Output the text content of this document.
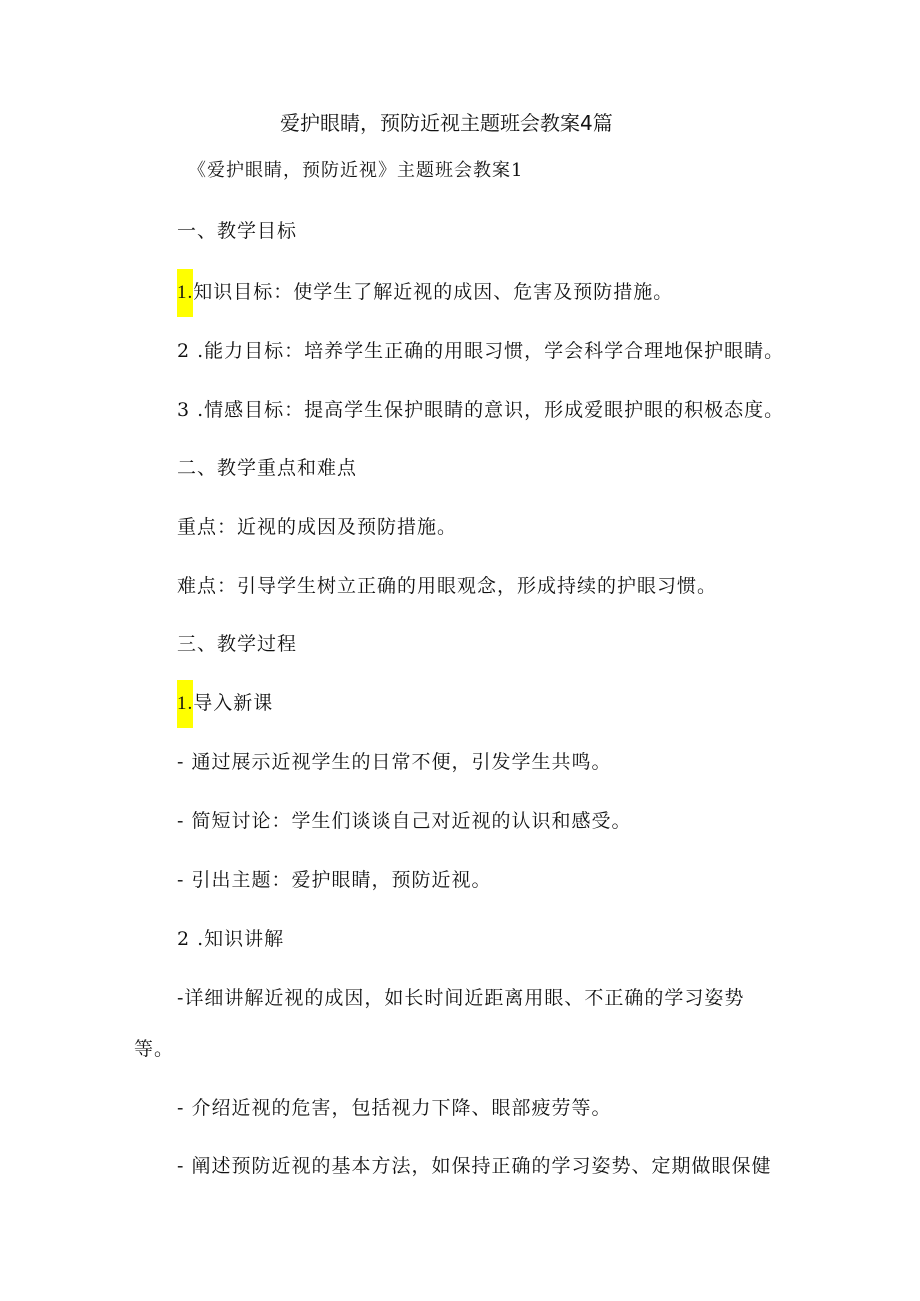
爱护眼睛，预防近视主题班会教案4篇
《爱护眼睛，预防近视》主题班会教案1
一、教学目标
1.知识目标：使学生了解近视的成因、危害及预防措施。
2 .能力目标：培养学生正确的用眼习惯，学会科学合理地保护眼睛。
3 .情感目标：提高学生保护眼睛的意识，形成爱眼护眼的积极态度。
二、教学重点和难点
重点：近视的成因及预防措施。
难点：引导学生树立正确的用眼观念，形成持续的护眼习惯。
三、教学过程
1.导入新课
- 通过展示近视学生的日常不便，引发学生共鸣。
- 简短讨论：学生们谈谈自己对近视的认识和感受。
- 引出主题：爱护眼睛，预防近视。
2 .知识讲解
-详细讲解近视的成因，如长时间近距离用眼、不正确的学习姿势
等。
- 介绍近视的危害，包括视力下降、眼部疲劳等。
- 阐述预防近视的基本方法，如保持正确的学习姿势、定期做眼保健
